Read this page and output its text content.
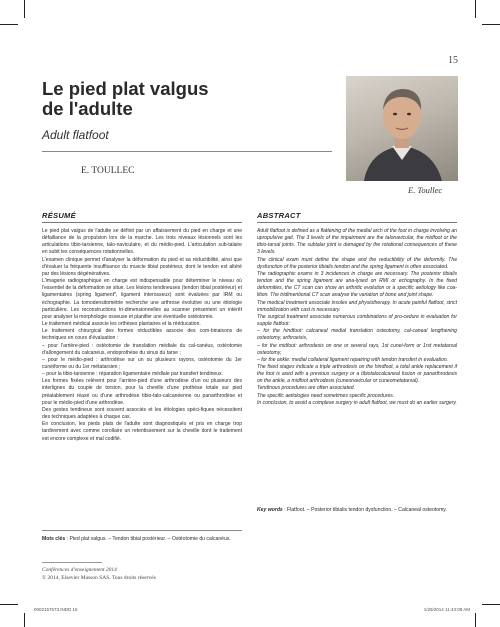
15
Le pied plat valgus
de l'adulte
Adult flatfoot
E. TOULLEC
E. Toullec
RÉSUMÉ	ABSTRACT

Le pied plat valgus de l'adulte se définit par un affaissement du pied en charge et une défaillance de la propulsion lors de la marche. Les trois niveaux lésionnels sont les articulations tibio-tarsienne, talo-naviculaire, et du médio-pied. L'articulation sub-talaire en subit les conséquences rotationnelles.

L'examen clinique permet d'analyser la déformation du pied et sa réductibilité, ainsi que d'évaluer la fréquente insuffisance du muscle tibial postérieur, dont le tendon est altéré par des lésions dégénératives.

L'imagerie radiographique en charge est indispensable pour déterminer le niveau où l'essentiel de la déformation se situe. Les lésions tendineuses (tendon tibial postérieur) et ligamentaires (spring ligament*, ligament interosseux) sont évaluées par IRM ou échographie. La tomodensitométrie recherche une arthrose évolutive ou une étiologie particulière. Les reconstructions tri-dimensionnelles au scanner présentent un intérêt pour analyser la morphologie osseuse et planifier une éventuelle ostéotomie.

Le traitement médical associe les orthèses plantaires et la rééducation.

Le traitement chirurgical des formes réductibles associe des com-binaisons de techniques en cours d'évaluation :

– pour l'arrière-pied : ostéotomie de translation médiale du cal-canéus, ostéotomie d'allongement du calcanéus, endoprothèse du sinus du tarse ;

– pour le médio-pied : arthrodèse sur un ou plusieurs rayons, ostéotomie du 1er cunéiforme ou du 1er métatarsien ;

– pour la tibio-tarsienne : réparation ligamentaire médiale par transfert tendineux.

Les formes fixées relèvent pour l'arrière-pied d'une arthrodèse d'un ou plusieurs des interlignes du couple de torsion, pour la cheville d'une prothèse totale sur pied préalablement réaxé ou d'une arthrodèse tibio-talo-calcanéenne ou panarthrodèse et pour le médio-pied d'une arthrodèse.

Des gestes tendineux sont souvent associés et les étiologies spéci-fiques nécessitent des techniques adaptées à chaque cas.

En conclusion, les pieds plats de l'adulte sont diagnostiqués et pris en charge trop tardivement avec comme corollaire un retentissement sur la cheville dont le traitement est encore complexe et mal codifié.

Adult flatfoot is defined as a flattening of the medial arch of the foot in charge involving an upropulsive gait. The 3 levels of the impairment are the talonavicular, the midfoot or the tibio-tarsal joints. The subtalar joint is damaged by the rotational consequences of these 3 levels.

The clinical exam must define the shape and the reductibility of the deformity. The dysfunction of the posterior tibialis tendon and the spring ligament is often associated.

The radiographic exams in 3 incidences in charge are necessary. The posterior tibialis tendon and the spring ligament are ana-lysed on RMI or echography. In the fixed deformities, the CT scan can show an arthritic evolution or a specific aetiology like coa-lition. The tridimentional CT scan analyse the variation of bone and joint shape.

The medical treatment associate insoles and physiotherapy. In acute painful flatfoot, strict immobilization with cast is necessary.

The surgical treatment associate numerous combinations of pro-cedure in evaluation for supple flatfoot:

– for the hindfoot: calcaneal medial translation osteotomy, cal-caneal lengthening osteotomy, arthroeisis,

– for the midfoot: arthrodesis on one or several rays, 1st cunei-form or 1rst metatarsal osteotomy,

– for the ankle: medial collateral ligament repairing with tendon transfert in evaluation.

The fixed stages indicate a triple arthrodesis on the hindfoot, a total ankle replacement if the foot is axed with a previous surgery or a tibiotalocalcaneal fusion or panarthrodesis on the ankle, a midfoot arthrodesis (cuneonavicular or cuneometatarsal).

Tendinous procedures are often associated.

The specific aetiologies need sometimes specific procedures.

In conclusion, to avoid a complexe surgery in adult flatfoot, we must do an earlier surgery.

Mots clés : Pied plat valgus. – Tendon tibial postérieur. – Ostéotomie du calcanéus.
Key words : Flatfoot. – Posterior tibialis tendon dysfunction. – Calcaneal osteotomy.
Conférences d'enseignement 2014
© 2014, Elsevier Masson SAS. Tous droits réservés
0002157573.INDD 15	1/29/2014 11:43:08 AM
